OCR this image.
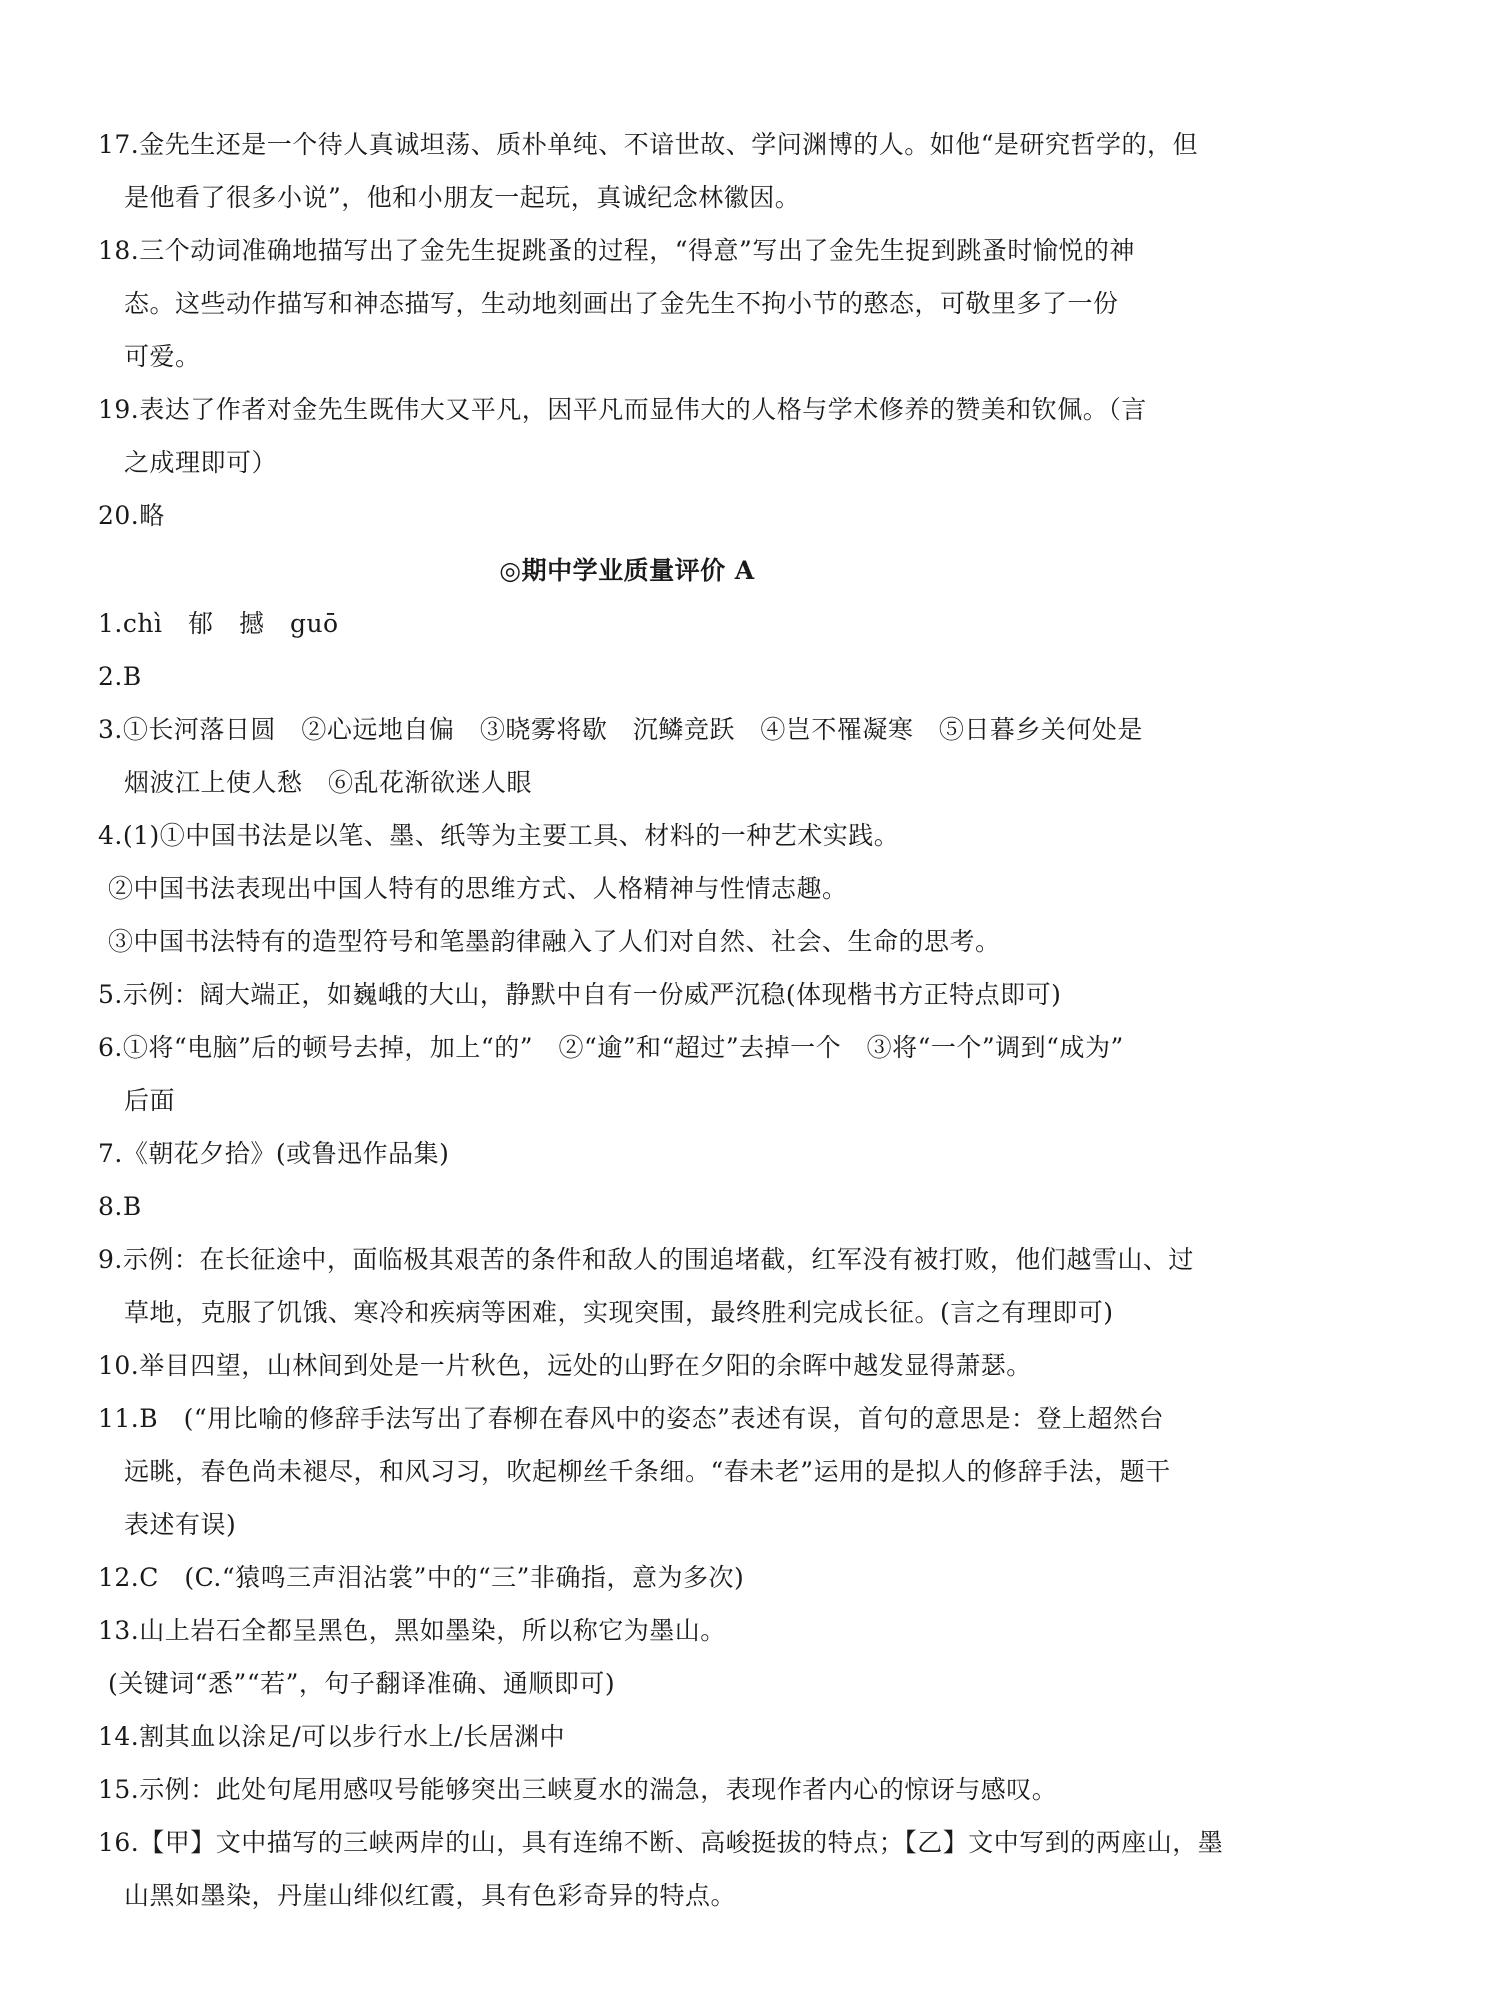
17.金先生还是一个待人真诚坦荡、质朴单纯、不谙世故、学问渊博的人。如他“是研究哲学的，但
是他看了很多小说”，他和小朋友一起玩，真诚纪念林徽因。
18.三个动词准确地描写出了金先生捉跳蚤的过程，“得意”写出了金先生捉到跳蚤时愉悦的神
态。这些动作描写和神态描写，生动地刻画出了金先生不拘小节的憨态，可敬里多了一份
可爱。
19.表达了作者对金先生既伟大又平凡，因平凡而显伟大的人格与学术修养的赞美和钦佩。（言
之成理即可）
20.略
◎期中学业质量评价 A
1.chì　郁　撼　guō
2.B
3.①长河落日圆　②心远地自偏　③晓雾将歇　沉鳞竞跃　④岂不罹凝寒　⑤日暮乡关何处是
烟波江上使人愁　⑥乱花渐欲迷人眼
4.(1)①中国书法是以笔、墨、纸等为主要工具、材料的一种艺术实践。
②中国书法表现出中国人特有的思维方式、人格精神与性情志趣。
③中国书法特有的造型符号和笔墨韵律融入了人们对自然、社会、生命的思考。
5.示例：阔大端正，如巍峨的大山，静默中自有一份威严沉稳(体现楷书方正特点即可)
6.①将“电脑”后的顿号去掉，加上“的”　②“逾”和“超过”去掉一个　③将“一个”调到“成为”
后面
7.《朝花夕拾》(或鲁迅作品集)
8.B
9.示例：在长征途中，面临极其艰苦的条件和敌人的围追堵截，红军没有被打败，他们越雪山、过
草地，克服了饥饿、寒冷和疾病等困难，实现突围，最终胜利完成长征。(言之有理即可)
10.举目四望，山林间到处是一片秋色，远处的山野在夕阳的余晖中越发显得萧瑟。
11.B　(“用比喻的修辞手法写出了春柳在春风中的姿态”表述有误，首句的意思是：登上超然台
远眺，春色尚未褪尽，和风习习，吹起柳丝千条细。“春未老”运用的是拟人的修辞手法，题干
表述有误)
12.C　(C.“猿鸣三声泪沾裳”中的“三”非确指，意为多次)
13.山上岩石全都呈黑色，黑如墨染，所以称它为墨山。
(关键词“悉”“若”，句子翻译准确、通顺即可)
14.割其血以涂足/可以步行水上/长居渊中
15.示例：此处句尾用感叹号能够突出三峡夏水的湍急，表现作者内心的惊讶与感叹。
16.【甲】文中描写的三峡两岸的山，具有连绵不断、高峻挺拔的特点；【乙】文中写到的两座山，墨
山黑如墨染，丹崖山绯似红霞，具有色彩奇异的特点。
